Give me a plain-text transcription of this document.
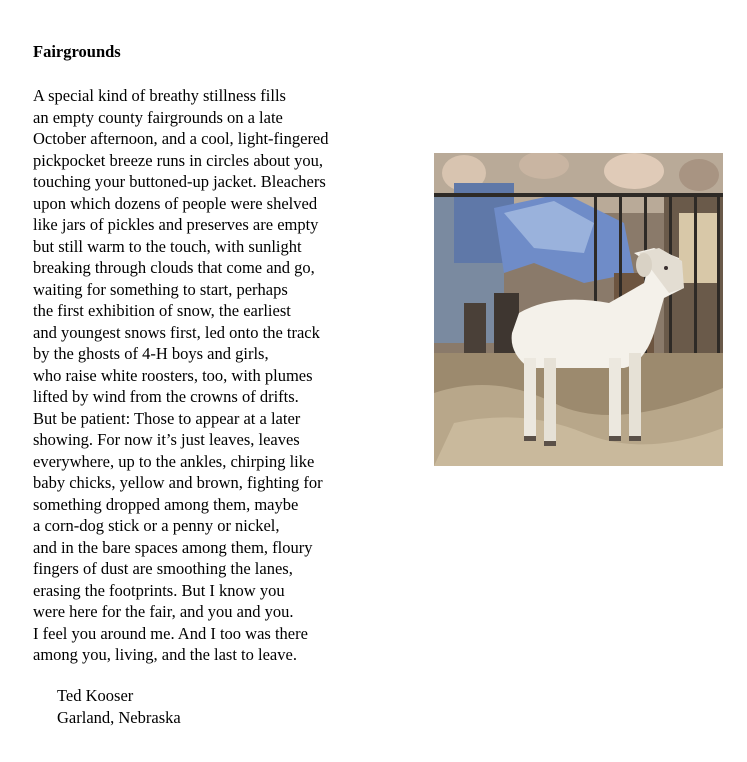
Fairgrounds
A special kind of breathy stillness fills
an empty county fairgrounds on a late
October afternoon, and a cool, light-fingered
pickpocket breeze runs in circles about you,
touching your buttoned-up jacket. Bleachers
upon which dozens of people were shelved
like jars of pickles and preserves are empty
but still warm to the touch, with sunlight
breaking through clouds that come and go,
waiting for something to start, perhaps
the first exhibition of snow, the earliest
and youngest snows first, led onto the track
by the ghosts of 4-H boys and girls,
who raise white roosters, too, with plumes
lifted by wind from the crowns of drifts.
But be patient: Those to appear at a later
showing. For now it’s just leaves, leaves
everywhere, up to the ankles, chirping like
baby chicks, yellow and brown, fighting for
something dropped among them, maybe
a corn-dog stick or a penny or nickel,
and in the bare spaces among them, floury
fingers of dust are smoothing the lanes,
erasing the footprints. But I know you
were here for the fair, and you and you.
I feel you around me. And I too was there
among you, living, and the last to leave.
Ted Kooser
Garland, Nebraska
